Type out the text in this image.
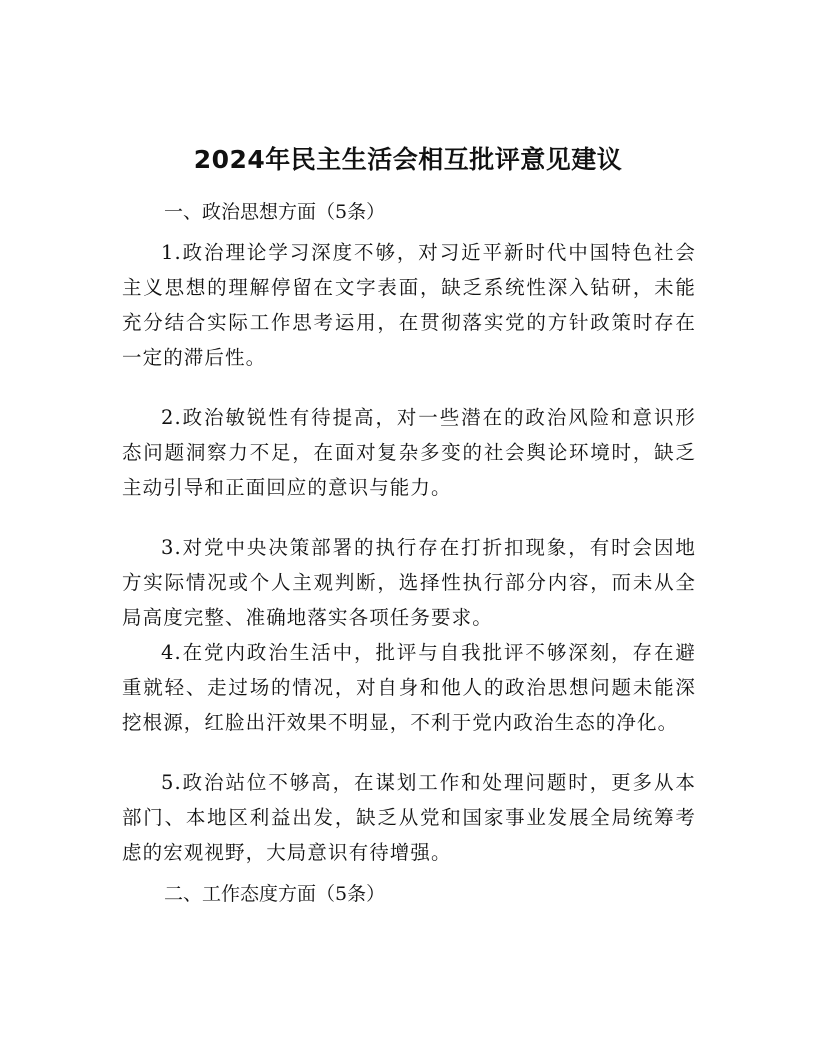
2024年民主生活会相互批评意见建议
一、政治思想方面（5条）

1.政治理论学习深度不够，对习近平新时代中国特色社会主义思想的理解停留在文字表面，缺乏系统性深入钻研，未能充分结合实际工作思考运用，在贯彻落实党的方针政策时存在一定的滞后性。

2.政治敏锐性有待提高，对一些潜在的政治风险和意识形态问题洞察力不足，在面对复杂多变的社会舆论环境时，缺乏主动引导和正面回应的意识与能力。

3.对党中央决策部署的执行存在打折扣现象，有时会因地方实际情况或个人主观判断，选择性执行部分内容，而未从全局高度完整、准确地落实各项任务要求。

4.在党内政治生活中，批评与自我批评不够深刻，存在避重就轻、走过场的情况，对自身和他人的政治思想问题未能深挖根源，红脸出汗效果不明显，不利于党内政治生态的净化。

5.政治站位不够高，在谋划工作和处理问题时，更多从本部门、本地区利益出发，缺乏从党和国家事业发展全局统筹考虑的宏观视野，大局意识有待增强。

二、工作态度方面（5条）
